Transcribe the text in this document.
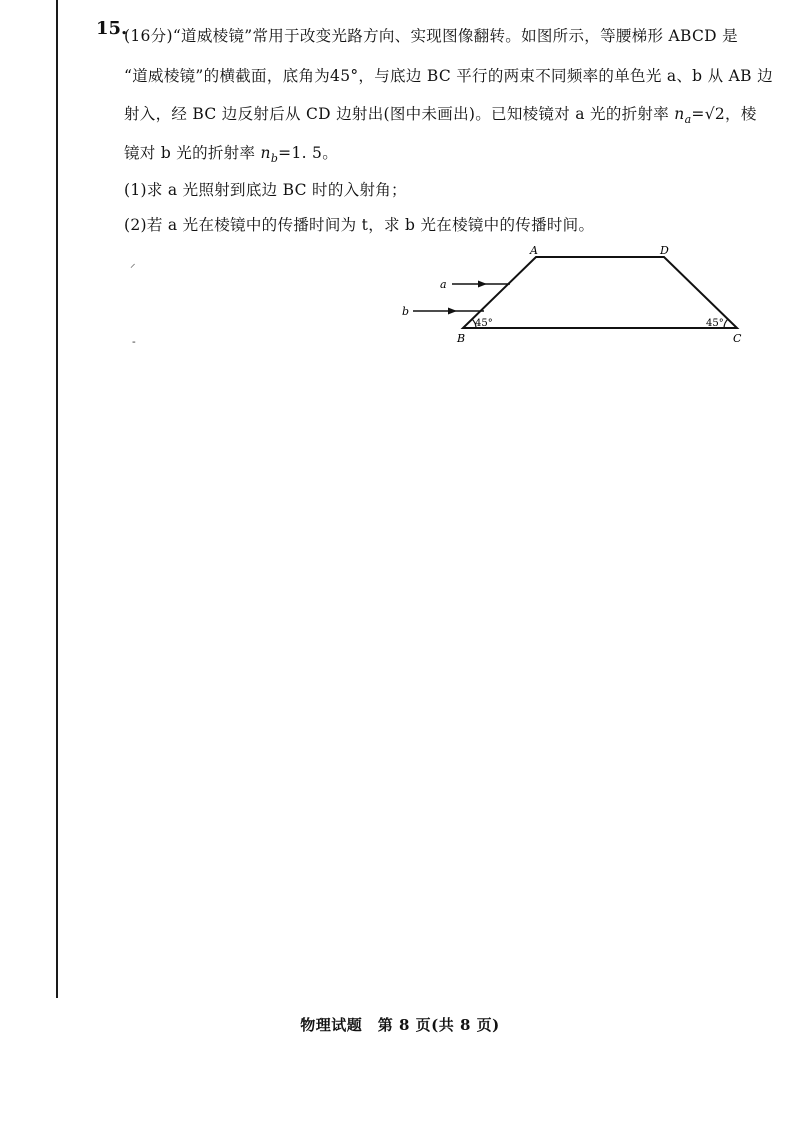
⸝
-
15.
(16分)“道威棱镜”常用于改变光路方向、实现图像翻转。如图所示，等腰梯形 ABCD 是
“道威棱镜”的横截面，底角为45°，与底边 BC 平行的两束不同频率的单色光 a、b 从 AB 边
射入，经 BC 边反射后从 CD 边射出(图中未画出)。已知棱镜对 a 光的折射率 $n_a=√2$，棱
镜对 b 光的折射率 $n_b=1$. 5。
(1)求 a 光照射到底边 BC 时的入射角；
(2)若 a 光在棱镜中的传播时间为 t，求 b 光在棱镜中的传播时间。
A	D
B	C
a
b
45°	45°
物理试题　第 8 页(共 8 页)
